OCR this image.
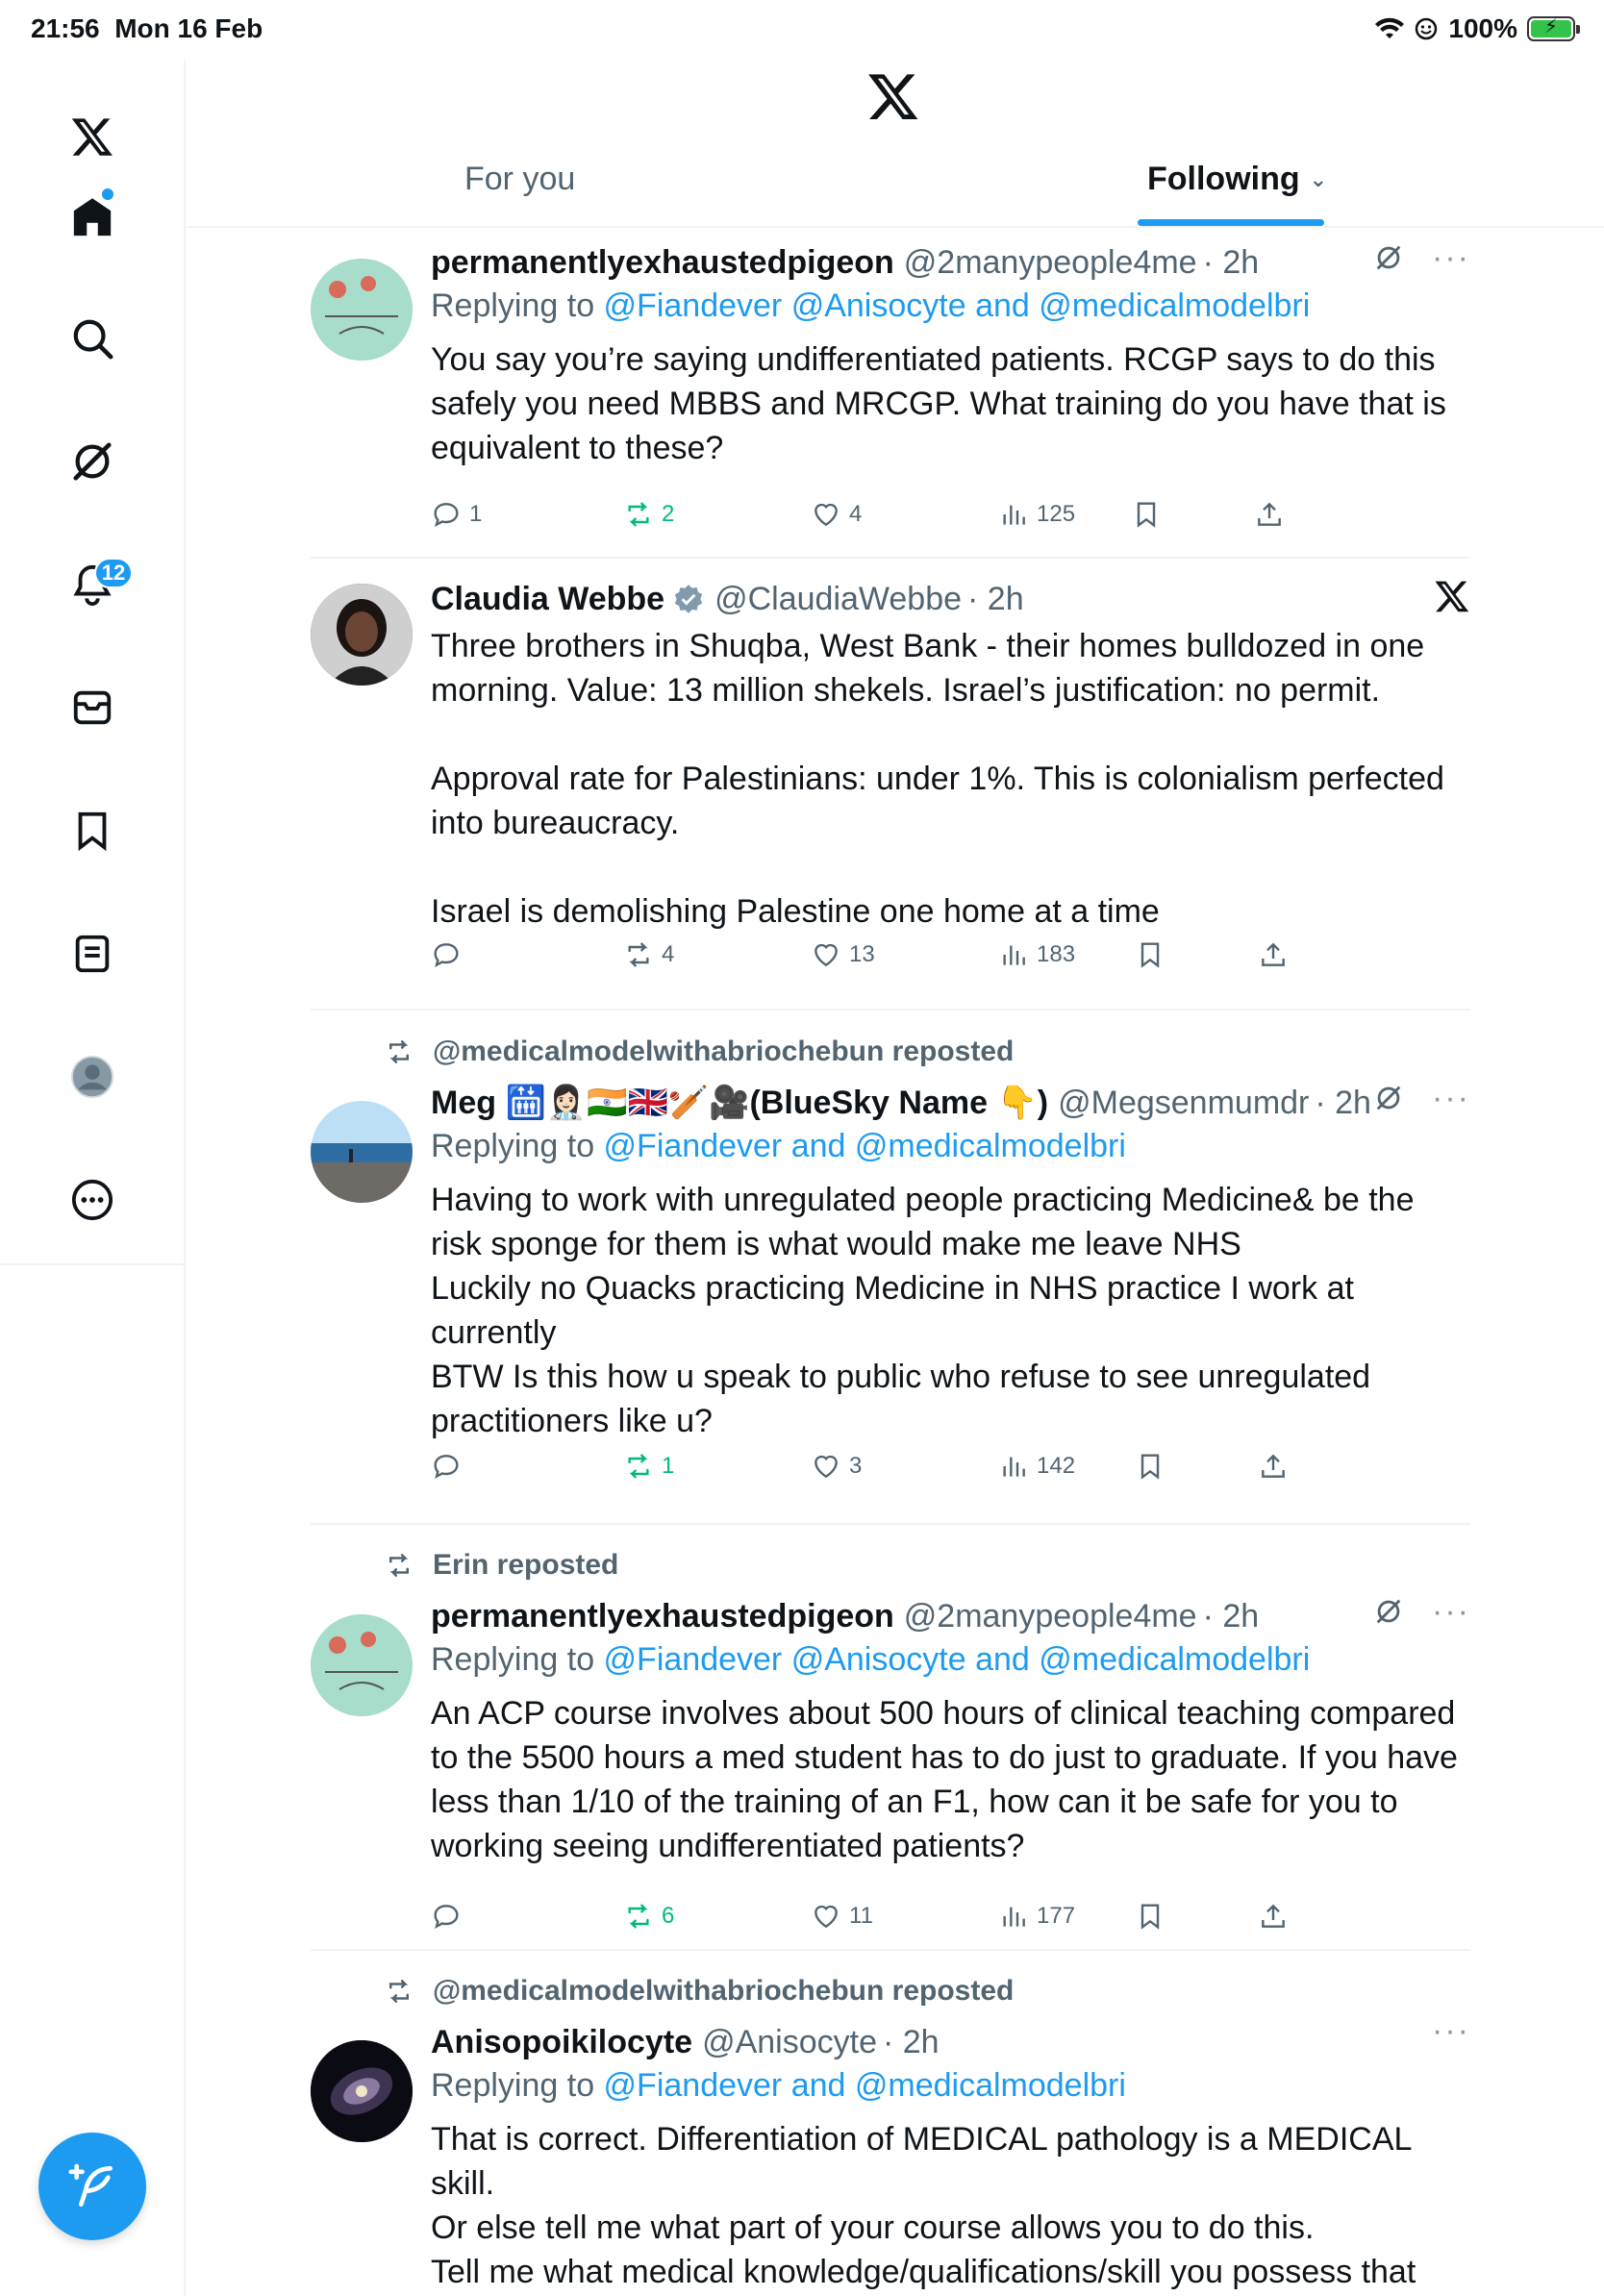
21:56 Mon 16 Feb	100%	⚡
12
For you	Following ⌄
permanentlyexhaustedpigeon @2manypeople4me · 2h	···
Replying to @Fiandever @Anisocyte and @medicalmodelbri
You say you’re saying undifferentiated patients. RCGP says to do this safely you need MBBS and MRCGP. What training do you have that is equivalent to these?
1	2	4	125
Claudia Webbe @ClaudiaWebbe · 2h
Three brothers in Shuqba, West Bank - their homes bulldozed in one morning. Value: 13 million shekels. Israel’s justification: no permit.

Approval rate for Palestinians: under 1%. This is colonialism perfected into bureaucracy.

Israel is demolishing Palestine one home at a time
4	13	183
@medicalmodelwithabriochebun reposted
Meg 🛗👩🏻‍⚕️🇮🇳🇬🇧🏏🎥(BlueSky Name 👇) @Megsenmumdr · 2h ···
Replying to @Fiandever and @medicalmodelbri
Having to work with unregulated people practicing Medicine& be the risk sponge for them is what would make me leave NHS
Luckily no Quacks practicing Medicine in NHS practice I work at currently
BTW Is this how u speak to public who refuse to see unregulated practitioners like u?
1	3	142
Erin reposted
permanentlyexhaustedpigeon @2manypeople4me · 2h	···
Replying to @Fiandever @Anisocyte and @medicalmodelbri
An ACP course involves about 500 hours of clinical teaching compared to the 5500 hours a med student has to do just to graduate. If you have less than 1/10 of the training of an F1, how can it be safe for you to working seeing undifferentiated patients?
6	11	177
@medicalmodelwithabriochebun reposted
Anisopoikilocyte @Anisocyte · 2h	···
Replying to @Fiandever and @medicalmodelbri
That is correct. Differentiation of MEDICAL pathology is a MEDICAL skill.
Or else tell me what part of your course allows you to do this.
Tell me what medical knowledge/qualifications/skill you possess that
